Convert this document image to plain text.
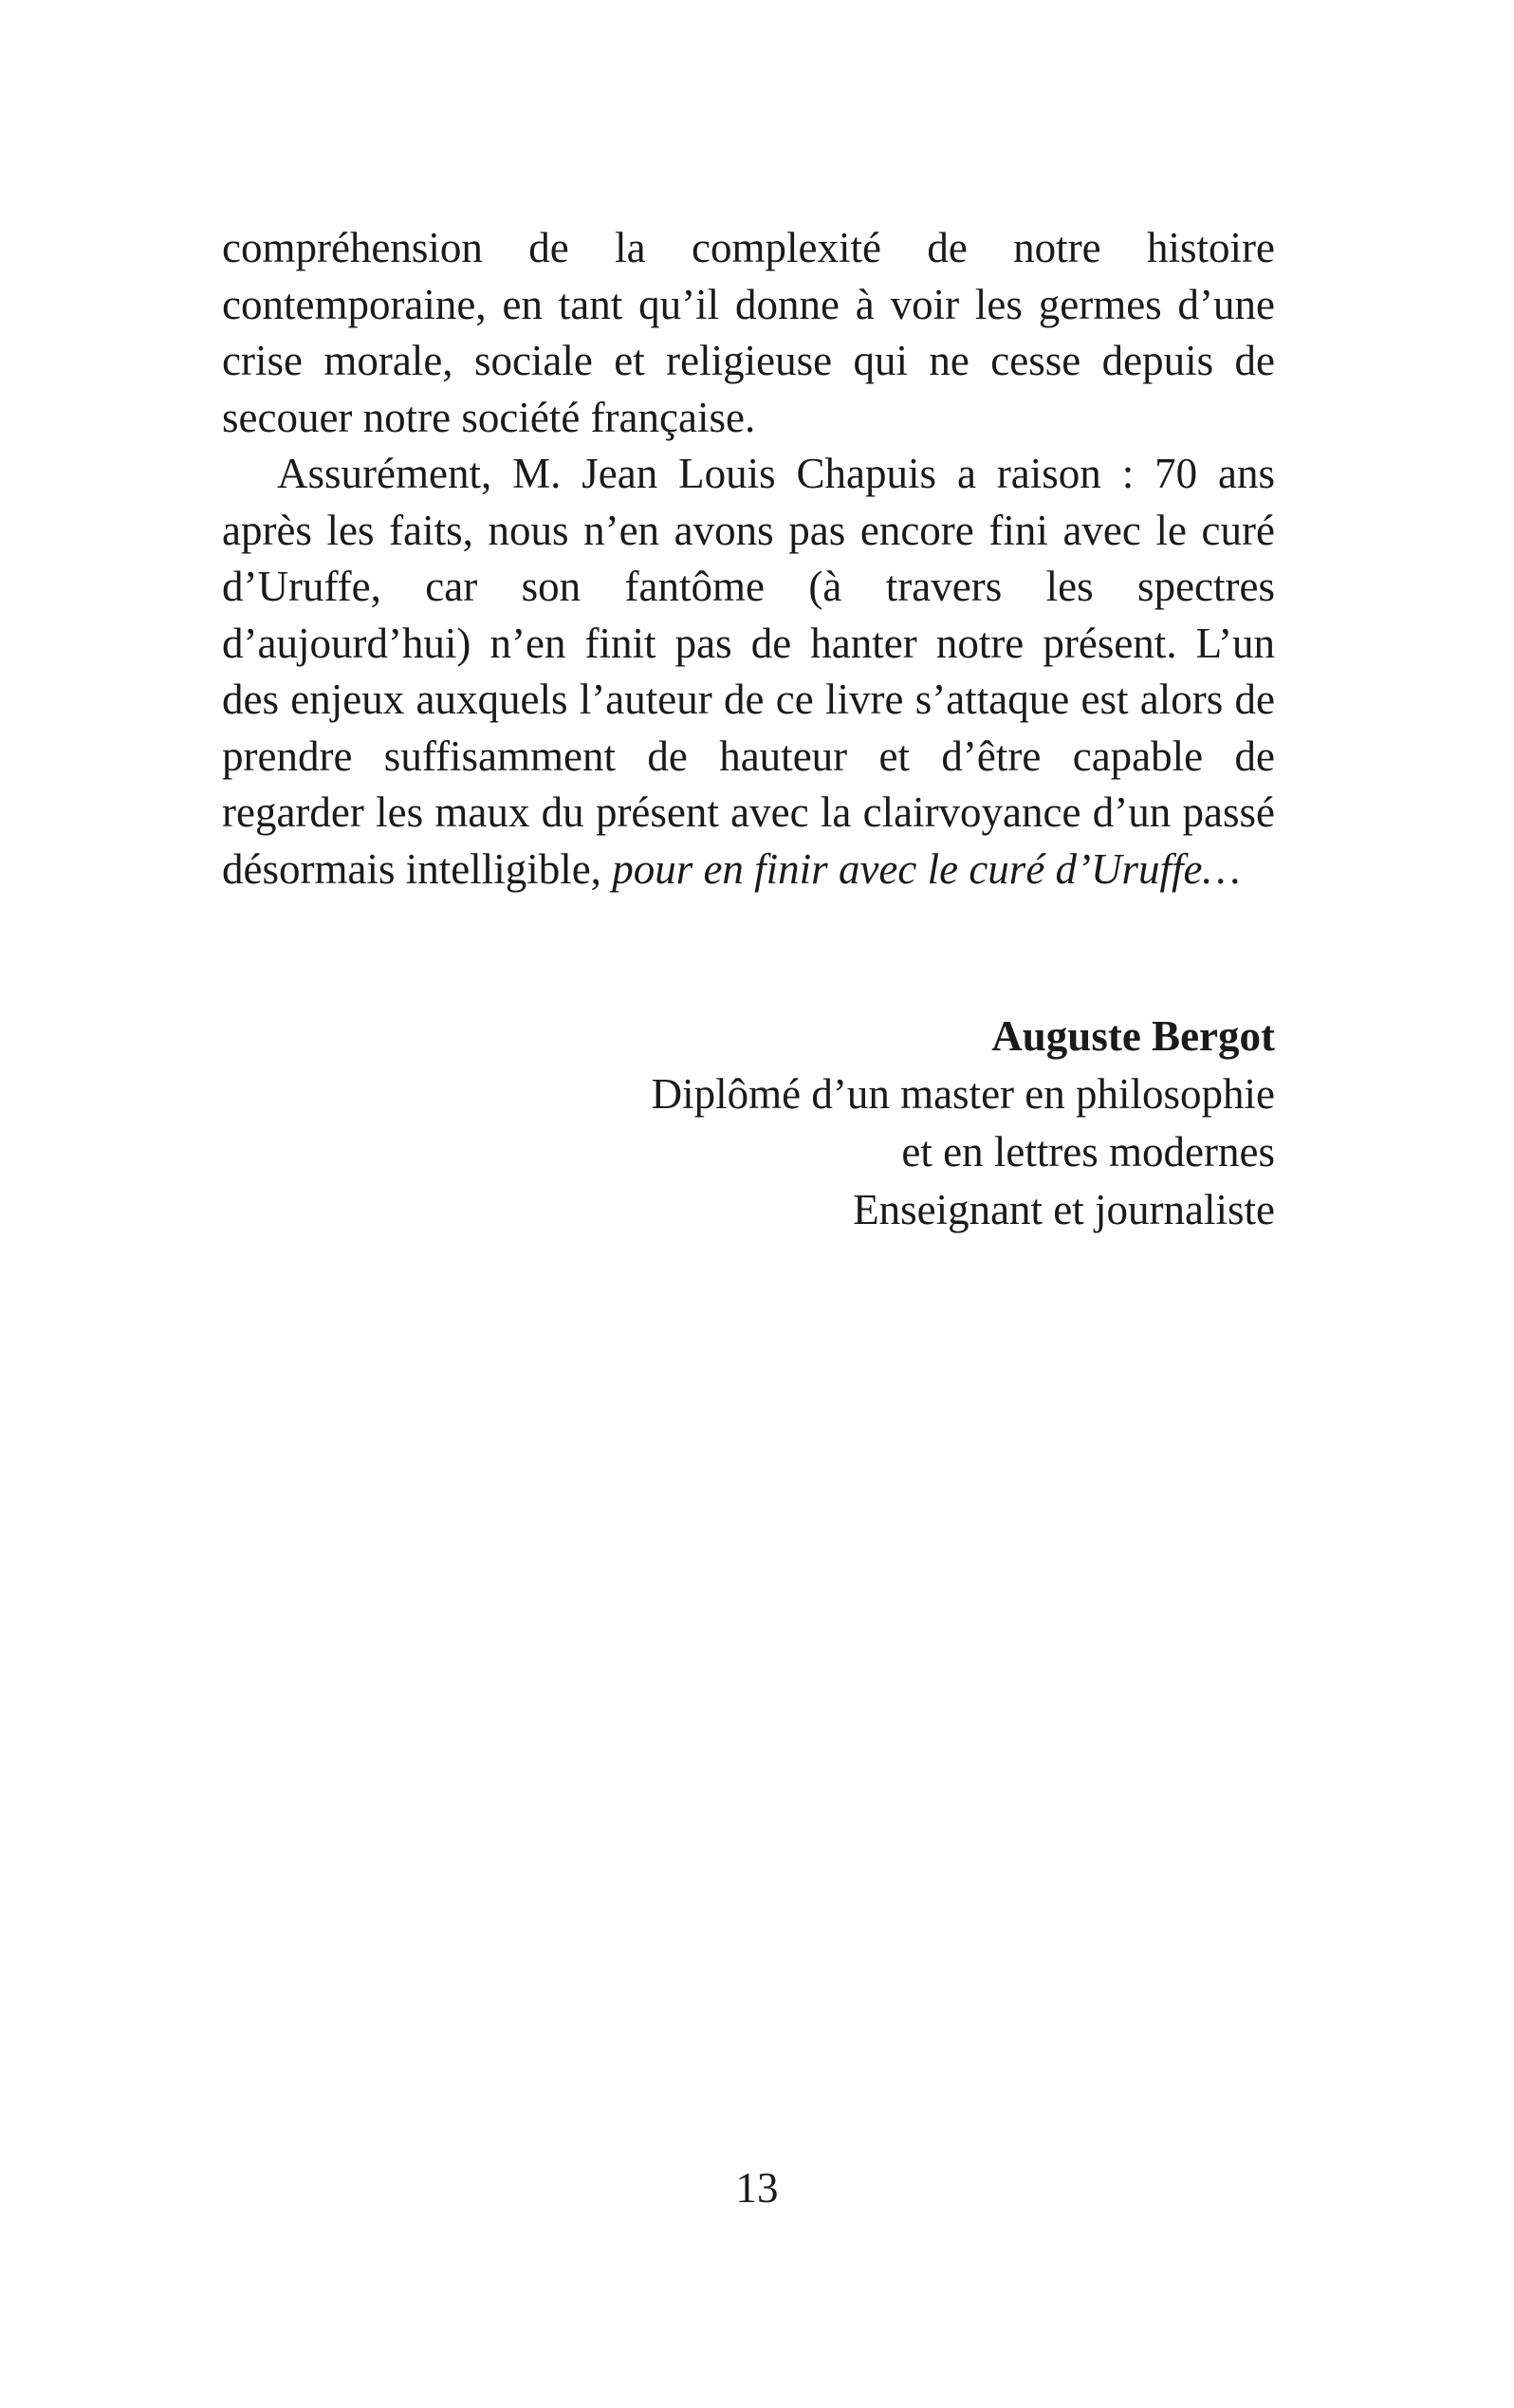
compréhension de la complexité de notre histoire contemporaine, en tant qu’il donne à voir les germes d’une crise morale, sociale et religieuse qui ne cesse depuis de secouer notre société française.

Assurément, M. Jean Louis Chapuis a raison : 70 ans après les faits, nous n’en avons pas encore fini avec le curé d’Uruffe, car son fantôme (à travers les spectres d’aujourd’hui) n’en finit pas de hanter notre présent. L’un des enjeux auxquels l’auteur de ce livre s’attaque est alors de prendre suffisamment de hauteur et d’être capable de regarder les maux du présent avec la clairvoyance d’un passé désormais intelligible, pour en finir avec le curé d’Uruffe…

Auguste Bergot
Diplômé d’un master en philosophie
et en lettres modernes
Enseignant et journaliste
13
